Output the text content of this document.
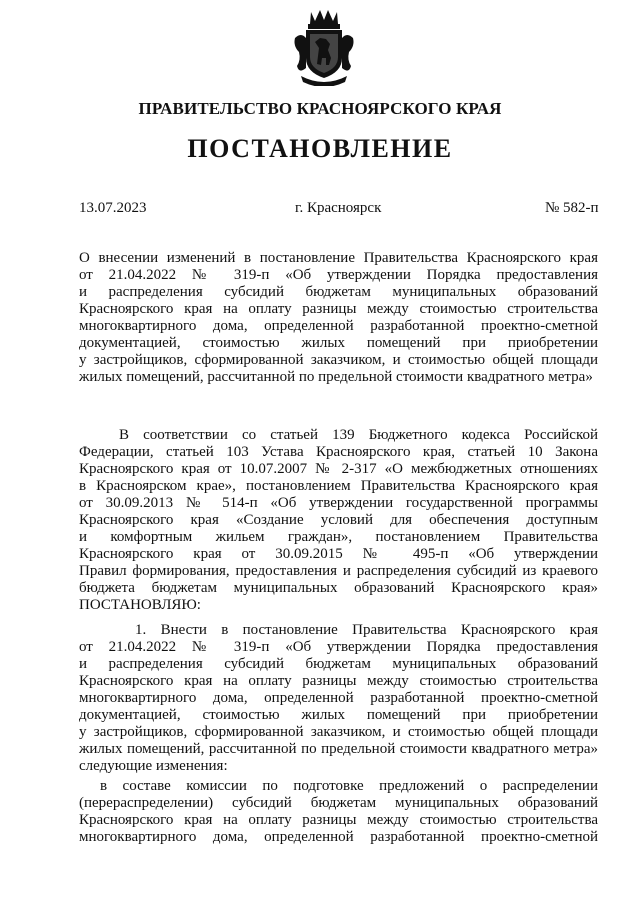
ПРАВИТЕЛЬСТВО КРАСНОЯРСКОГО КРАЯ
ПОСТАНОВЛЕНИЕ
13.07.2023	г. Красноярск	№ 582-п
О внесении изменений в постановление Правительства Красноярского края
от 21.04.2022 № 319-п «Об утверждении Порядка предоставления
и распределения субсидий бюджетам муниципальных образований
Красноярского края на оплату разницы между стоимостью строительства
многоквартирного дома, определенной разработанной проектно-сметной
документацией, стоимостью жилых помещений при приобретении
у застройщиков, сформированной заказчиком, и стоимостью общей площади
жилых помещений, рассчитанной по предельной стоимости квадратного метра»
В соответствии со статьей 139 Бюджетного кодекса Российской
Федерации, статьей 103 Устава Красноярского края, статьей 10 Закона
Красноярского края от 10.07.2007 № 2-317 «О межбюджетных отношениях
в Красноярском крае», постановлением Правительства Красноярского края
от 30.09.2013 № 514-п «Об утверждении государственной программы
Красноярского края «Создание условий для обеспечения доступным
и комфортным жильем граждан», постановлением Правительства
Красноярского края от 30.09.2015 № 495-п «Об утверждении
Правил формирования, предоставления и распределения субсидий из краевого
бюджета бюджетам муниципальных образований Красноярского края»
ПОСТАНОВЛЯЮ:
1. Внести в постановление Правительства Красноярского края
от 21.04.2022 № 319-п «Об утверждении Порядка предоставления
и распределения субсидий бюджетам муниципальных образований
Красноярского края на оплату разницы между стоимостью строительства
многоквартирного дома, определенной разработанной проектно-сметной
документацией, стоимостью жилых помещений при приобретении
у застройщиков, сформированной заказчиком, и стоимостью общей площади
жилых помещений, рассчитанной по предельной стоимости квадратного метра»
следующие изменения:
в составе комиссии по подготовке предложений о распределении
(перераспределении) субсидий бюджетам муниципальных образований
Красноярского края на оплату разницы между стоимостью строительства
многоквартирного дома, определенной разработанной проектно-сметной
